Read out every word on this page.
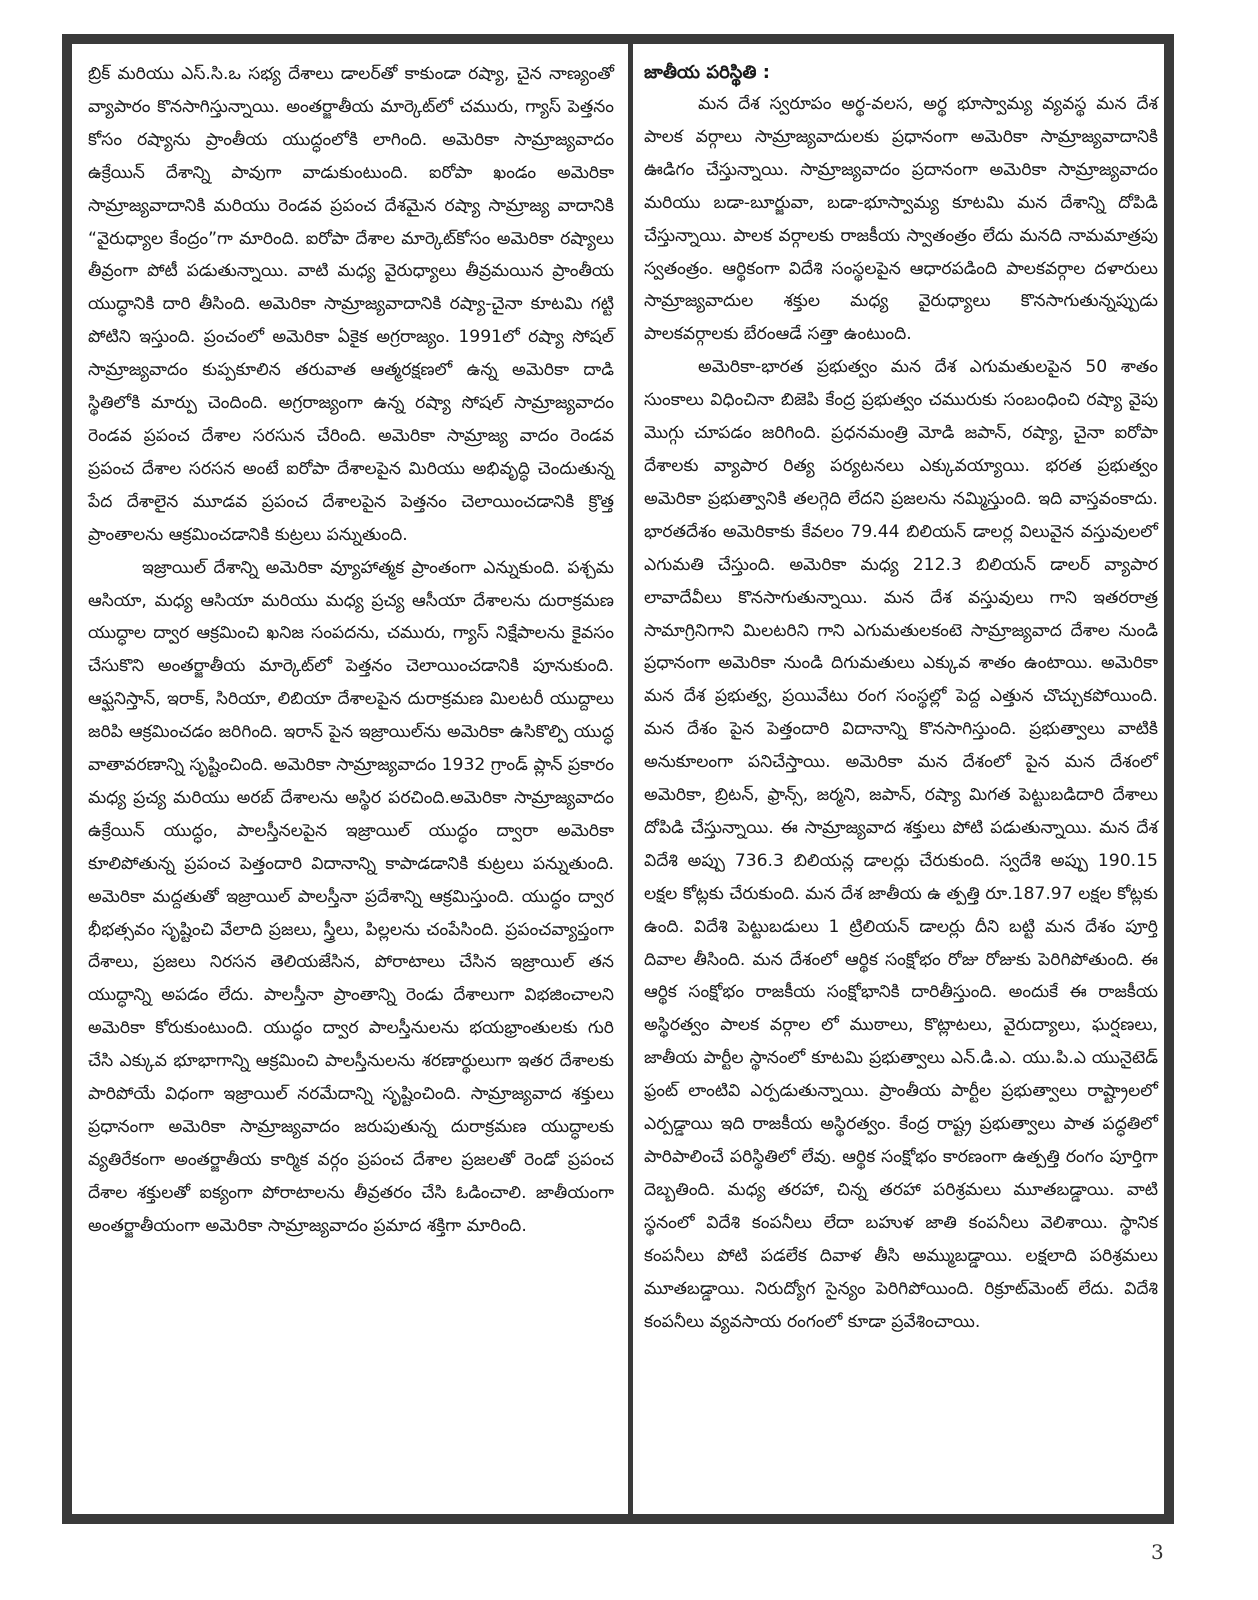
బ్రిక్ మరియు ఎస్.సి.ఒ సభ్య దేశాలు డాలర్‌తో కాకుండా రష్యా, చైన నాణ్యంతో వ్యాపారం కొనసాగిస్తున్నాయి. అంతర్జాతీయ మార్కెట్‌లో చమురు, గ్యాస్ పెత్తనం కోసం రష్యాను ప్రాంతీయ యుద్ధంలోకి లాగింది. అమెరికా సామ్రాజ్యవాదం ఉక్రేయిన్ దేశాన్ని పావుగా వాడుకుంటుంది. ఐరోపా ఖండం అమెరికా సామ్రాజ్యవాదానికి మరియు రెండవ ప్రపంచ దేశమైన రష్యా సామ్రాజ్య వాదానికి “వైరుధ్యాల కేంద్రం”గా మారింది. ఐరోపా దేశాల మార్కెట్‌కోసం అమెరికా రష్యాలు తీవ్రంగా పోటీ పడుతున్నాయి. వాటి మధ్య వైరుధ్యాలు తీవ్రమయిన ప్రాంతీయ యుద్ధానికి దారి తీసింది. అమెరికా సామ్రాజ్యవాదానికి రష్యా-చైనా కూటమి గట్టి పోటిని ఇస్తుంది. ప్రంచంలో అమెరికా ఏకైక అగ్రరాజ్యం. 1991లో రష్యా సోషల్ సామ్రాజ్యవాదం కుప్పకూలిన తరువాత ఆత్మరక్షణలో ఉన్న అమెరికా దాడి స్థితిలోకి మార్పు చెందింది. అగ్రరాజ్యంగా ఉన్న రష్యా సోషల్ సామ్రాజ్యవాదం రెండవ ప్రపంచ దేశాల సరసున చేరింది. అమెరికా సామ్రాజ్య వాదం రెండవ ప్రపంచ దేశాల సరసన అంటే ఐరోపా దేశాలపైన మిరియు అభివృద్ధి చెందుతున్న పేద దేశాలైన మూడవ ప్రపంచ దేశాలపైన పెత్తనం చెలాయించడానికి క్రొత్త ప్రాంతాలను ఆక్రమించడానికి కుట్రలు పన్నుతుంది.

ఇజ్రాయిల్ దేశాన్ని అమెరికా వ్యూహాత్మక ప్రాంతంగా ఎన్నుకుంది. పశ్చమ ఆసియా, మధ్య ఆసియా మరియు మధ్య ప్రచ్య ఆసీయా దేశాలను దురాక్రమణ యుద్ధాల ద్వార ఆక్రమించి ఖనిజ సంపదను, చమురు, గ్యాస్ నిక్షేపాలను కైవసం చేసుకొని అంతర్జాతీయ మార్కెట్‌లో పెత్తనం చెలాయించడానికి పూనుకుంది. ఆఫ్ఘనిస్తాన్, ఇరాక్, సిరియా, లిబియా దేశాలపైన దురాక్రమణ మిలటరీ యుద్దాలు జరిపి ఆక్రమించడం జరిగింది. ఇరాన్ పైన ఇజ్రాయిల్‌ను అమెరికా ఉసికొల్పి యుద్ధ వాతావరణాన్ని సృష్టించింది. అమెరికా సామ్రాజ్యవాదం 1932 గ్రాండ్ ప్లాన్ ప్రకారం మధ్య ప్రచ్య మరియు అరబ్ దేశాలను అస్థిర పరచింది.అమెరికా సామ్రాజ్యవాదం ఉక్రేయిన్ యుద్ధం, పాలస్తీనలపైన ఇజ్రాయిల్ యుద్ధం ద్వారా అమెరికా కూలిపోతున్న ప్రపంచ పెత్తందారి విదానాన్ని కాపాడడానికి కుట్రలు పన్నుతుంది. అమెరికా మద్దతుతో ఇజ్రాయిల్ పాలస్తీనా ప్రదేశాన్ని ఆక్రమిస్తుంది. యుద్ధం ద్వార భీభత్సవం సృష్టించి వేలాది ప్రజలు, స్త్రీలు, పిల్లలను చంపేసింది. ప్రపంచవ్యాప్తంగా దేశాలు, ప్రజలు నిరసన తెలియజేసిన, పోరాటాలు చేసిన ఇజ్రాయిల్ తన యుద్ధాన్ని అపడం లేదు. పాలస్తీనా ప్రాంతాన్ని రెండు దేశాలుగా విభజించాలని అమెరికా కోరుకుంటుంది. యుద్ధం ద్వార పాలస్తీనులను భయభ్రాంతులకు గురి చేసి ఎక్కువ భూభాగాన్ని ఆక్రమించి పాలస్తీనులను శరణార్థులుగా ఇతర దేశాలకు పారిపోయే విధంగా ఇజ్రాయిల్ నరమేదాన్ని సృష్టించింది. సామ్రాజ్యవాద శక్తులు ప్రధానంగా అమెరికా సామ్రాజ్యవాదం జరుపుతున్న దురాక్రమణ యుద్ధాలకు వ్యతిరేకంగా అంతర్జాతీయ కార్మిక వర్గం ప్రపంచ దేశాల ప్రజలతో రెండో ప్రపంచ దేశాల శక్తులతో ఐక్యంగా పోరాటాలను తీవ్రతరం చేసి ఓడించాలి. జాతీయంగా అంతర్జాతీయంగా అమెరికా సామ్రాజ్యవాదం ప్రమాద శక్తిగా మారింది.

జాతీయ పరిస్థితి :

మన దేశ స్వరూపం అర్థ-వలస, అర్థ భూస్వామ్య వ్యవస్థ మన దేశ పాలక వర్గాలు సామ్రాజ్యవాదులకు ప్రధానంగా అమెరికా సామ్రాజ్యవాదానికి ఊడిగం చేస్తున్నాయి. సామ్రాజ్యవాదం ప్రదానంగా అమెరికా సామ్రాజ్యవాదం మరియు బడా-బూర్జువా, బడా-భూస్వామ్య కూటమి మన దేశాన్ని దోపిడి చేస్తున్నాయి. పాలక వర్గాలకు రాజకీయ స్వాతంత్రం లేదు మనది నామమాత్రపు స్వతంత్రం. ఆర్థికంగా విదేశి సంస్థలపైన ఆధారపడింది పాలకవర్గాల దళారులు సామ్రాజ్యవాదుల శక్తుల మధ్య వైరుధ్యాలు కొనసాగుతున్నప్పుడు పాలకవర్గాలకు బేరంఆడే సత్తా ఉంటుంది.

అమెరికా-భారత ప్రభుత్వం మన దేశ ఎగుమతులపైన 50 శాతం సుంకాలు విధించినా బిజెపి కేంద్ర ప్రభుత్వం చమురుకు సంబంధించి రష్యా వైపు మొగ్గు చూపడం జరిగింది. ప్రధనమంత్రి మోడి జపాన్, రష్యా, చైనా ఐరోపా దేశాలకు వ్యాపార రిత్య పర్యటనలు ఎక్కువయ్యాయి. భరత ప్రభుత్వం అమెరికా ప్రభుత్వానికి తలగ్గెది లేదని ప్రజలను నమ్మిస్తుంది. ఇది వాస్తవంకాదు. భారతదేశం అమెరికాకు కేవలం 79.44 బిలియన్ డాలర్ల విలువైన వస్తువులలో ఎగుమతి చేస్తుంది. అమెరికా మధ్య 212.3 బిలియన్ డాలర్ వ్యాపార లావాదేవీలు కొనసాగుతున్నాయి. మన దేశ వస్తువులు గాని ఇతరరాత్ర సామాగ్రినిగాని మిలటరిని గాని ఎగుమతులకంటె సామ్రాజ్యవాద దేశాల నుండి ప్రధానంగా అమెరికా నుండి దిగుమతులు ఎక్కువ శాతం ఉంటాయి. అమెరికా మన దేశ ప్రభుత్వ, ప్రయివేటు రంగ సంస్థల్లో పెద్ద ఎత్తున చొచ్చుకపోయింది. మన దేశం పైన పెత్తందారి విదానాన్ని కొనసాగిస్తుంది. ప్రభుత్వాలు వాటికి అనుకూలంగా పనిచేస్తాయి. అమెరికా మన దేశంలో పైన మన దేశంలో అమెరికా, బ్రిటన్, ఫ్రాన్స్, జర్మని, జపాన్, రష్యా మిగత పెట్టుబడిదారి దేశాలు దోపిడి చేస్తున్నాయి. ఈ సామ్రాజ్యవాద శక్తులు పోటి పడుతున్నాయి. మన దేశ విదేశి అప్పు 736.3 బిలియన్ల డాలర్లు చేరుకుంది. స్వదేశి అప్పు 190.15 లక్షల కోట్లకు చేరుకుంది. మన దేశ జాతీయ ఉ త్పత్తి రూ.187.97 లక్షల కోట్లకు ఉంది. విదేశి పెట్టుబడులు 1 ట్రిలియన్ డాలర్లు దీని బట్టి మన దేశం పూర్తి దివాల తీసింది. మన దేశంలో ఆర్థిక సంక్షోభం రోజు రోజుకు పెరిగిపోతుంది. ఈ ఆర్థిక సంక్షోభం రాజకీయ సంక్షోభానికి దారితీస్తుంది. అందుకే ఈ రాజకీయ అస్థిరత్వం పాలక వర్గాల లో ముఠాలు, కొట్లాటలు, వైరుద్యాలు, ఘర్షణలు, జాతీయ పార్టీల స్థానంలో కూటమి ప్రభుత్వాలు ఎన్.డి.ఎ. యు.పి.ఎ యునైటెడ్ ఫ్రంట్ లాంటివి ఎర్పడుతున్నాయి. ప్రాంతీయ పార్టీల ప్రభుత్వాలు రాష్ట్రాలలో ఎర్పడ్డాయి ఇది రాజకీయ అస్థిరత్వం. కేంద్ర రాష్ట్ర ప్రభుత్వాలు పాత పద్ధతిలో పారిపాలించే పరిస్థితిలో లేవు. ఆర్థిక సంక్షోభం కారణంగా ఉత్పత్తి రంగం పూర్తిగా దెబ్బతింది. మధ్య తరహా, చిన్న తరహా పరిశ్రమలు మూతబడ్డాయి. వాటి స్థనంలో విదేశి కంపనీలు లేదా బహుళ జాతి కంపనీలు వెలిశాయి. స్థానిక కంపనీలు పోటి పడలేక దివాళ తీసి అమ్ముబడ్డాయి. లక్షలాది పరిశ్రమలు మూతబడ్డాయి. నిరుద్యోగ సైన్యం పెరిగిపోయింది. రిక్రూట్‌మెంట్ లేదు. విదేశి కంపనీలు వ్యవసాయ రంగంలో కూడా ప్రవేశించాయి.

3
